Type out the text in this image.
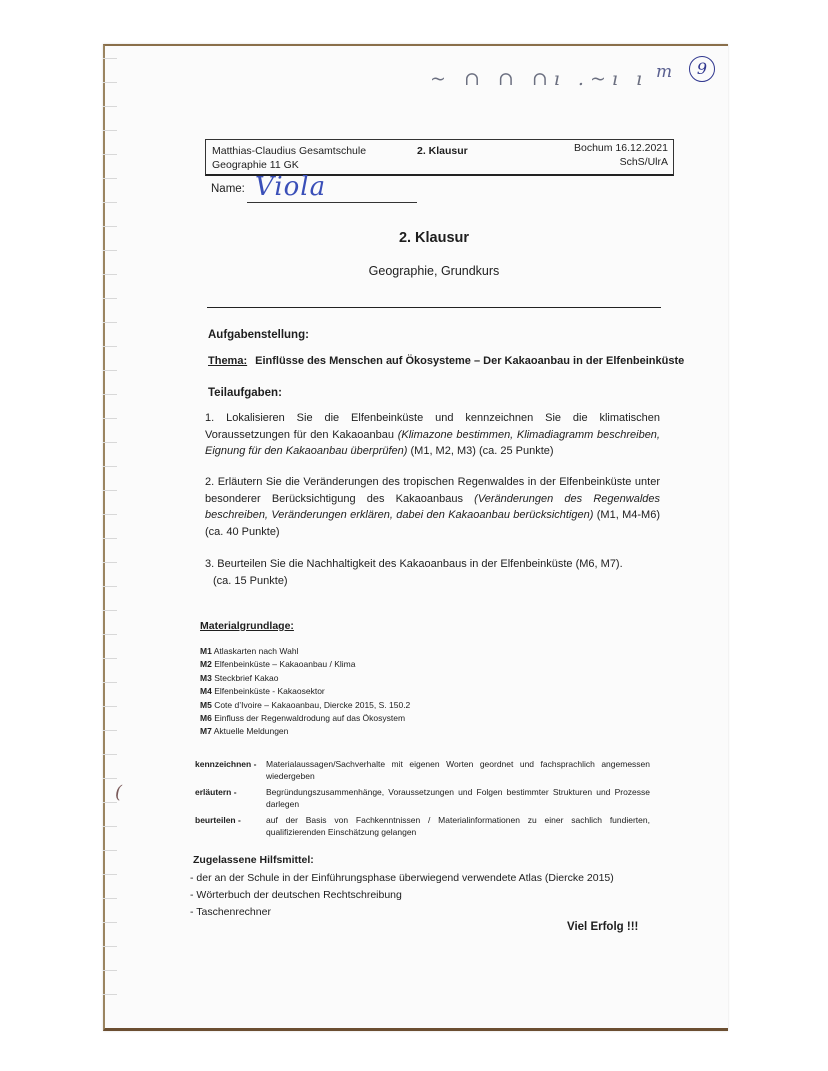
~ ∩ ∩ ∩ı .~ı ı m	9
Matthias-Claudius Gesamtschule
Geographie 11 GK
2. Klausur	Bochum 16.12.2021
SchS/UlrA
Name: Viola
2. Klausur
Geographie, Grundkurs
Aufgabenstellung:
Thema: Einflüsse des Menschen auf Ökosysteme – Der Kakaoanbau in der Elfenbeinküste
Teilaufgaben:
1. Lokalisieren Sie die Elfenbeinküste und kennzeichnen Sie die klimatischen Voraussetzungen für den Kakaoanbau (Klimazone bestimmen, Klimadiagramm beschreiben, Eignung für den Kakaoanbau überprüfen) (M1, M2, M3) (ca. 25 Punkte)
2. Erläutern Sie die Veränderungen des tropischen Regenwaldes in der Elfenbeinküste unter besonderer Berücksichtigung des Kakaoanbaus (Veränderungen des Regenwaldes beschreiben, Veränderungen erklären, dabei den Kakaoanbau berücksichtigen) (M1, M4-M6) (ca. 40 Punkte)
3. Beurteilen Sie die Nachhaltigkeit des Kakaoanbaus in der Elfenbeinküste (M6, M7).
(ca. 15 Punkte)
Materialgrundlage:
M1 Atlaskarten nach Wahl
M2 Elfenbeinküste – Kakaoanbau / Klima
M3 Steckbrief Kakao
M4 Elfenbeinküste - Kakaosektor
M5 Cote d’Ivoire – Kakaoanbau, Diercke 2015, S. 150.2
M6 Einfluss der Regenwaldrodung auf das Ökosystem
M7 Aktuelle Meldungen
kennzeichnen -	Materialaussagen/Sachverhalte mit eigenen Worten geordnet und fachsprachlich angemessen wiedergeben
erläutern -	Begründungszusammenhänge, Voraussetzungen und Folgen bestimmter Strukturen und Prozesse darlegen
beurteilen -	auf der Basis von Fachkenntnissen / Materialinformationen zu einer sachlich fundierten, qualifizierenden Einschätzung gelangen
(
Zugelassene Hilfsmittel:
- der an der Schule in der Einführungsphase überwiegend verwendete Atlas (Diercke 2015)
- Wörterbuch der deutschen Rechtschreibung
- Taschenrechner
Viel Erfolg !!!
